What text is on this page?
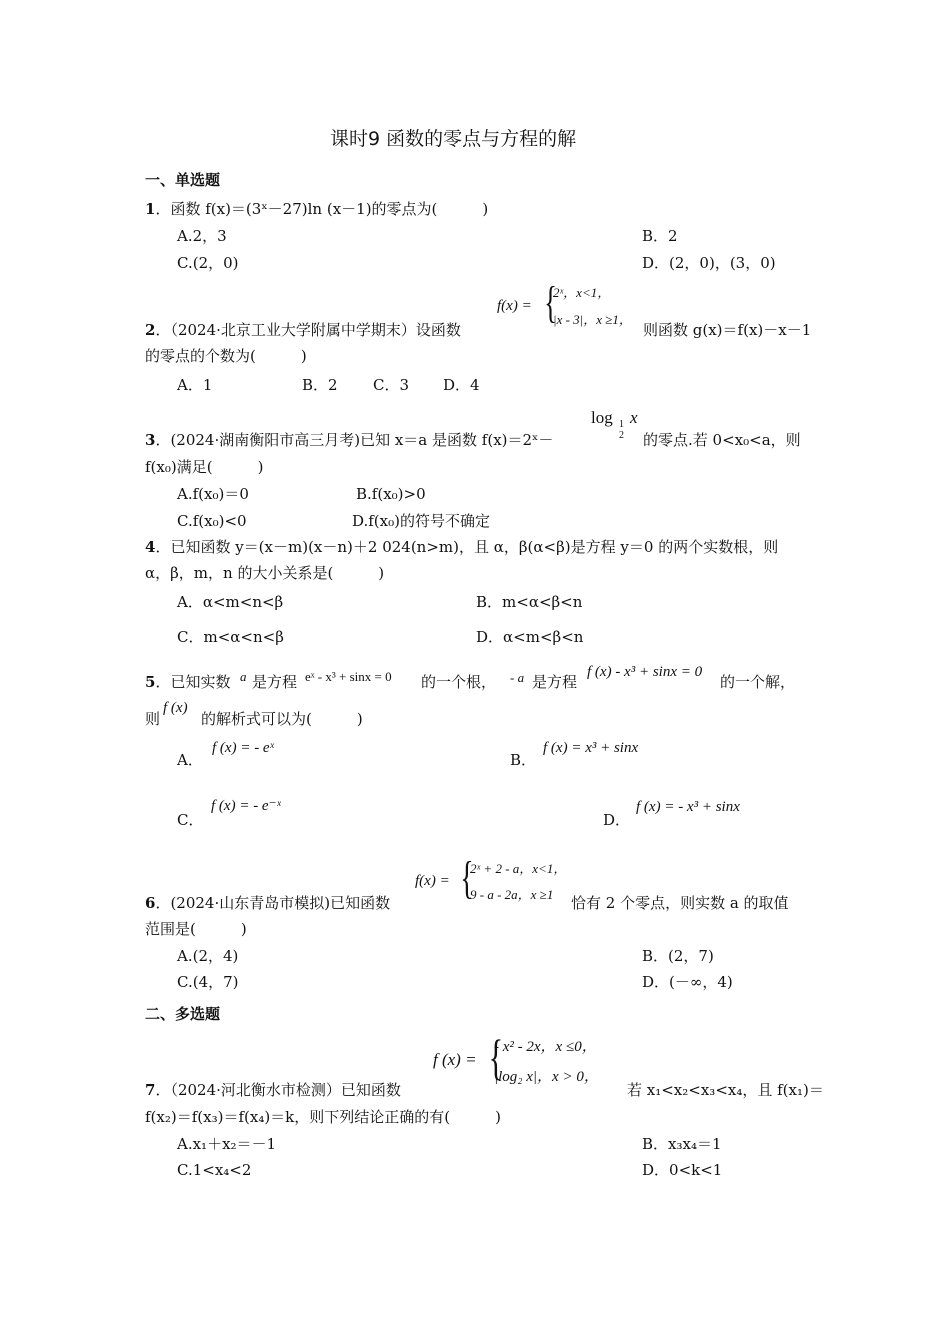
课时9 函数的零点与方程的解
一、单选题
1．函数 f(x)＝(3ˣ－27)ln (x－1)的零点为(　　　)
A.2，3	B．2
C.(2，0)	D．(2，0)，(3，0)
2．（2024·北京工业大学附属中学期末）设函数
f(x) = {
2ˣ，x<1，
|x - 3|，x ≥1，
则函数 g(x)＝f(x)－x－1
的零点的个数为(　　　)
A．1	B．2 C．3 D．4
3．(2024·湖南衡阳市高三月考)已知 x＝a 是函数 f(x)＝2ˣ－
log 1
2
x
的零点.若 0<x₀<a，则
f(x₀)满足(　　　)
A.f(x₀)＝0	B.f(x₀)>0
C.f(x₀)<0	D.f(x₀)的符号不确定
4．已知函数 y＝(x－m)(x－n)＋2 024(n>m)，且 α，β(α<β)是方程 y＝0 的两个实数根，则
α，β，m，n 的大小关系是(　　　)
A．α<m<n<β	B．m<α<β<n
C．m<α<n<β	D．α<m<β<n
5．已知实数 a 是方程 eˣ - x³ + sinx = 0 的一个根， - a 是方程
f (x) - x³ + sinx = 0
的一个解，
则
f (x)
的解析式可以为(　　　)
A．
f (x) = - eˣ
B．
f (x) = x³ + sinx
C．
f (x) = - e⁻ˣ
D．
f (x) = - x³ + sinx
6．(2024·山东青岛市模拟)已知函数
f(x) = {
2ˣ + 2 - a，x<1，
9 - a - 2a，x ≥1 恰有 2 个零点，则实数 a 的取值
范围是(　　　)
A.(2，4)	B．(2，7)
C.(4，7)	D．(－∞，4)
二、多选题
7．（2024·河北衡水市检测）已知函数
f (x) = {
- x² - 2x，x ≤0，
|log₂ x|，x > 0，
若 x₁<x₂<x₃<x₄，且 f(x₁)＝
f(x₂)＝f(x₃)＝f(x₄)＝k，则下列结论正确的有(　　　)
A.x₁＋x₂＝－1	B．x₃x₄＝1
C.1<x₄<2	D．0<k<1
